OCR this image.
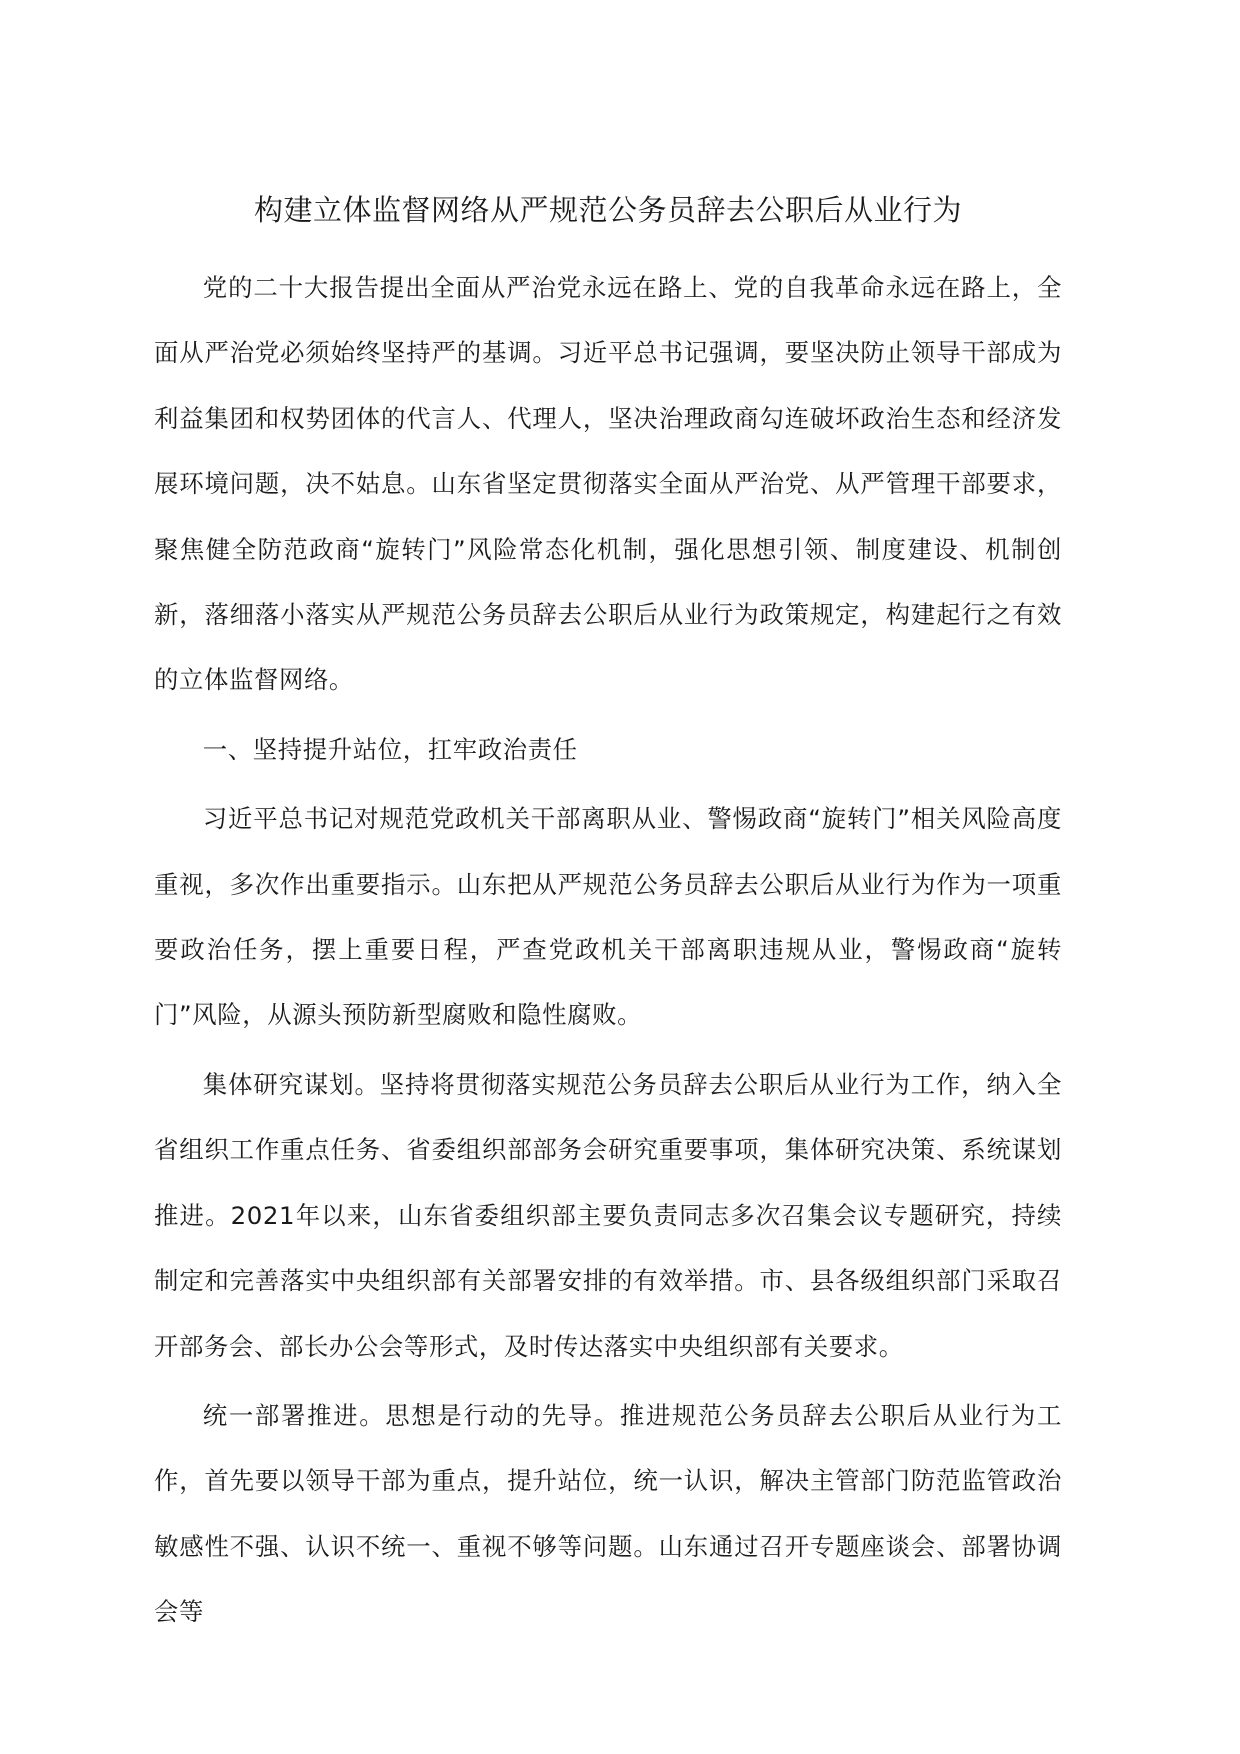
构建立体监督网络从严规范公务员辞去公职后从业行为

党的二十大报告提出全面从严治党永远在路上、党的自我革命永远在路上，全面从严治党必须始终坚持严的基调。习近平总书记强调，要坚决防止领导干部成为利益集团和权势团体的代言人、代理人，坚决治理政商勾连破坏政治生态和经济发展环境问题，决不姑息。山东省坚定贯彻落实全面从严治党、从严管理干部要求，聚焦健全防范政商“旋转门”风险常态化机制，强化思想引领、制度建设、机制创新，落细落小落实从严规范公务员辞去公职后从业行为政策规定，构建起行之有效的立体监督网络。

一、坚持提升站位，扛牢政治责任

习近平总书记对规范党政机关干部离职从业、警惕政商“旋转门”相关风险高度重视，多次作出重要指示。山东把从严规范公务员辞去公职后从业行为作为一项重要政治任务，摆上重要日程，严查党政机关干部离职违规从业，警惕政商“旋转门”风险，从源头预防新型腐败和隐性腐败。

集体研究谋划。坚持将贯彻落实规范公务员辞去公职后从业行为工作，纳入全省组织工作重点任务、省委组织部部务会研究重要事项，集体研究决策、系统谋划推进。2021年以来，山东省委组织部主要负责同志多次召集会议专题研究，持续制定和完善落实中央组织部有关部署安排的有效举措。市、县各级组织部门采取召开部务会、部长办公会等形式，及时传达落实中央组织部有关要求。

统一部署推进。思想是行动的先导。推进规范公务员辞去公职后从业行为工作，首先要以领导干部为重点，提升站位，统一认识，解决主管部门防范监管政治敏感性不强、认识不统一、重视不够等问题。山东通过召开专题座谈会、部署协调会等
